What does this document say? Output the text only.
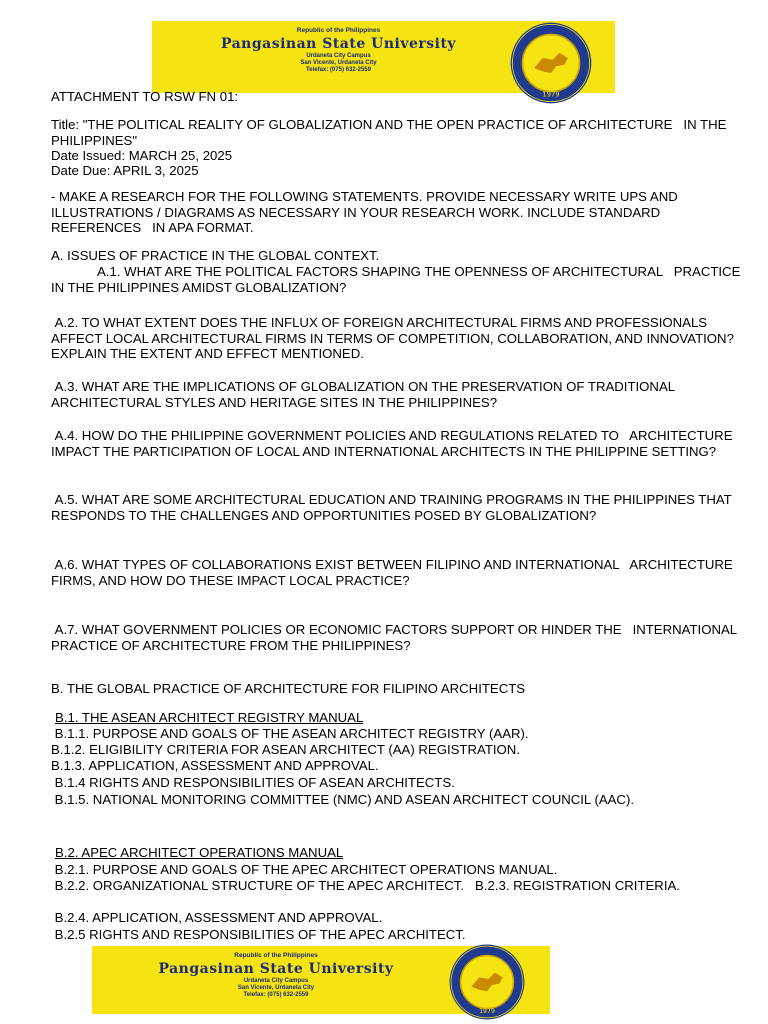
Republic of the Philippines
Pangasinan State University
Urdaneta City Campus
San Vicente, Urdaneta City
Telefax: (075) 632-2559
1979

ATTACHMENT TO RSW FN 01:

Title: "THE POLITICAL REALITY OF GLOBALIZATION AND THE OPEN PRACTICE OF ARCHITECTURE   IN THE PHILIPPINES"

Date Issued: MARCH 25, 2025

Date Due: APRIL 3, 2025

- MAKE A RESEARCH FOR THE FOLLOWING STATEMENTS. PROVIDE NECESSARY WRITE UPS AND   ILLUSTRATIONS / DIAGRAMS AS NECESSARY IN YOUR RESEARCH WORK. INCLUDE STANDARD REFERENCES   IN APA FORMAT.

A. ISSUES OF PRACTICE IN THE GLOBAL CONTEXT.

A.1. WHAT ARE THE POLITICAL FACTORS SHAPING THE OPENNESS OF ARCHITECTURAL   PRACTICE IN THE PHILIPPINES AMIDST GLOBALIZATION?

A.2. TO WHAT EXTENT DOES THE INFLUX OF FOREIGN ARCHITECTURAL FIRMS AND PROFESSIONALS AFFECT LOCAL ARCHITECTURAL FIRMS IN TERMS OF COMPETITION, COLLABORATION, AND INNOVATION? EXPLAIN THE EXTENT AND EFFECT MENTIONED.

A.3. WHAT ARE THE IMPLICATIONS OF GLOBALIZATION ON THE PRESERVATION OF TRADITIONAL ARCHITECTURAL STYLES AND HERITAGE SITES IN THE PHILIPPINES?

A.4. HOW DO THE PHILIPPINE GOVERNMENT POLICIES AND REGULATIONS RELATED TO   ARCHITECTURE IMPACT THE PARTICIPATION OF LOCAL AND INTERNATIONAL ARCHITECTS IN THE PHILIPPINE SETTING?

A.5. WHAT ARE SOME ARCHITECTURAL EDUCATION AND TRAINING PROGRAMS IN THE PHILIPPINES THAT RESPONDS TO THE CHALLENGES AND OPPORTUNITIES POSED BY GLOBALIZATION?

A.6. WHAT TYPES OF COLLABORATIONS EXIST BETWEEN FILIPINO AND INTERNATIONAL   ARCHITECTURE FIRMS, AND HOW DO THESE IMPACT LOCAL PRACTICE?

A.7. WHAT GOVERNMENT POLICIES OR ECONOMIC FACTORS SUPPORT OR HINDER THE   INTERNATIONAL PRACTICE OF ARCHITECTURE FROM THE PHILIPPINES?

B. THE GLOBAL PRACTICE OF ARCHITECTURE FOR FILIPINO ARCHITECTS

B.1. THE ASEAN ARCHITECT REGISTRY MANUAL

B.1.1. PURPOSE AND GOALS OF THE ASEAN ARCHITECT REGISTRY (AAR).

B.1.2. ELIGIBILITY CRITERIA FOR ASEAN ARCHITECT (AA) REGISTRATION.

B.1.3. APPLICATION, ASSESSMENT AND APPROVAL.

B.1.4 RIGHTS AND RESPONSIBILITIES OF ASEAN ARCHITECTS.

B.1.5. NATIONAL MONITORING COMMITTEE (NMC) AND ASEAN ARCHITECT COUNCIL (AAC).

B.2. APEC ARCHITECT OPERATIONS MANUAL

B.2.1. PURPOSE AND GOALS OF THE APEC ARCHITECT OPERATIONS MANUAL.

B.2.2. ORGANIZATIONAL STRUCTURE OF THE APEC ARCHITECT.   B.2.3. REGISTRATION CRITERIA.

B.2.4. APPLICATION, ASSESSMENT AND APPROVAL.

B.2.5 RIGHTS AND RESPONSIBILITIES OF THE APEC ARCHITECT.

Republic of the Philippines
Pangasinan State University
Urdaneta City Campus
San Vicente, Urdaneta City
Telefax: (075) 632-2559
1979
